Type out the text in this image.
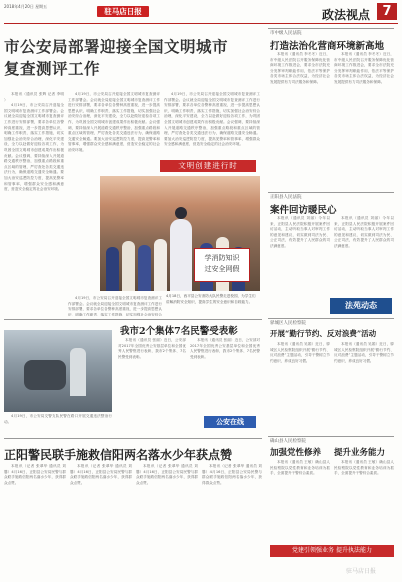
2018年4月20日 星期五
驻马店日报	政法视点 7
市公安局部署迎接全国文明城市
复查测评工作

本报讯（通讯员 张辉 记者 李明 ）

4月19日，市公安局召开迎接全国文明城市复查测评工作部署会。会议就全局迎接全国文明城市复查测评工作进行安排部署，要求各单位各警种高度重视，进一步提高思想认识，明确工作职责，落实工作措施，切实加强社会治安综合治理，深化平安建设，全力以赴做好迎检各项工作，为巩固全国文明城市创建成果作出积极贡献。会议强调，要持续深入开展道路交通秩序整治，加强重点路段和重点区域的管理，严厉查处各类交通违法行为，确保道路交通安全畅通。要加大治安巡逻防控力度，提高见警率和管事率，增强群众安全感和满意度，营造安全稳定的社会治安环境。

4月19日，市公安局召开迎接全国文明城市复查测评工作部署会。会议就全局迎接全国文明城市复查测评工作进行安排部署，要求各单位各警种高度重视，进一步提高思想认识，明确工作职责，落实工作措施，切实加强社会治安综合治理，深化平安建设，全力以赴做好迎检各项工作，为巩固全国文明城市创建成果作出积极贡献。会议强调，要持续深入开展道路交通秩序整治，加强重点路段和重点区域的管理，严厉查处各类交通违法行为，确保道路交通安全畅通。要加大治安巡逻防控力度，提高见警率和管事率，增强群众安全感和满意度，营造安全稳定的社会治安环境。

4月19日，市公安局召开迎接全国文明城市复查测评工作部署会。会议就全局迎接全国文明城市复查测评工作进行安排部署，要求各单位各警种高度重视，进一步提高思想认识，明确工作职责，落实工作措施，切实加强社会治安综合治理，深化平安建设，全力以赴做好迎检各项工作，为巩固全国文明城市创建成果作出积极贡献。会议强调，要持续深入开展道路交通秩序整治，加强重点路段和重点区域的管理，严厉查处各类交通违法行为，确保道路交通安全畅通。要加大治安巡逻防控力度，提高见警率和管事率，增强群众安全感和满意度，营造安全稳定的社会治安环境。

文明创建进行时
学消防知识
过安全网假
4月18日，西平县公安消防大队民警走进校园，为学生们讲解消防安全知识，提高学生的安全意识和自救能力。

4月19日，市公安局召开迎接全国文明城市复查测评工作部署会。会议就全局迎接全国文明城市复查测评工作进行安排部署，要求各单位各警种高度重视，进一步提高思想认识，明确工作职责，落实工作措施，切实加强社会治安综合

市中级人民法院
打造法治化营商环境新高地

本报讯（通讯员 李冬冬）近日，市中级人民法院召开服务保障优化营商环境工作推进会，要求全市法院充分发挥审判职能作用，依法平等保护各类市场主体合法权益，为经济社会发展提供有力司法服务和保障。

本报讯（通讯员 李冬冬）近日，市中级人民法院召开服务保障优化营商环境工作推进会，要求全市法院充分发挥审判职能作用，依法平等保护各类市场主体合法权益，为经济社会发展提供有力司法服务和保障。

正阳县人民法院
案件回访暖民心

本报讯（通讯员 刘丽）今年以来，正阳县人民法院积极开展案件回访活动，主动听取当事人对审判工作的意见和建议，切实做到司法为民、公正司法，有效提升了人民群众的司法满意度。

本报讯（通讯员 刘丽）今年以来，正阳县人民法院积极开展案件回访活动，主动听取当事人对审判工作的意见和建议，切实做到司法为民、公正司法，有效提升了人民群众的司法满意度。

法苑动态
驿城区人民检察院
开展“勤行节约、反对浪费”活动

本报讯（通讯员 吴娟）近日，驿城区人民检察院组织开展“勤行节约、反对浪费”主题活动，引导干警树立节约意识，养成良好习惯。

本报讯（通讯员 吴娟）近日，驿城区人民检察院组织开展“勤行节约、反对浪费”主题活动，引导干警树立节约意识，养成良好习惯。

确山县人民检察院
加强党性修养 提升业务能力

本报讯（通讯员 王敏）确山县人民检察院以党性教育和业务培训为抓手，全面提升干警综合素质。

本报讯（通讯员 王敏）确山县人民检察院以党性教育和业务培训为抓手，全面提升干警综合素质。

党建引领强业务 提升执法能力
我市2个集体7名民警受表彰

4月19日，市公安局交警支队民警在路口开展交通违法整治行动。

本报讯（通讯员 张丽）近日，公安部对2017年全国优秀公安基层单位和全国优秀人民警察进行表彰，我市2个集体、7名民警受到表彰。

本报讯（通讯员 张丽）近日，公安部对2017年全国优秀公安基层单位和全国优秀人民警察进行表彰，我市2个集体、7名民警受到表彰。

公安在线
正阳警民联手施救信阳两名落水少年获点赞

本报讯（记者 张翠华 通讯员 刘馨）4月16日，正阳县公安局民警与群众联手施救信阳两名落水少年，获得群众点赞。

本报讯（记者 张翠华 通讯员 刘馨）4月16日，正阳县公安局民警与群众联手施救信阳两名落水少年，获得群众点赞。

本报讯（记者 张翠华 通讯员 刘馨）4月16日，正阳县公安局民警与群众联手施救信阳两名落水少年，获得群众点赞。

本报讯（记者 张翠华 通讯员 刘馨）4月16日，正阳县公安局民警与群众联手施救信阳两名落水少年，获得群众点赞。

驻马店日报
